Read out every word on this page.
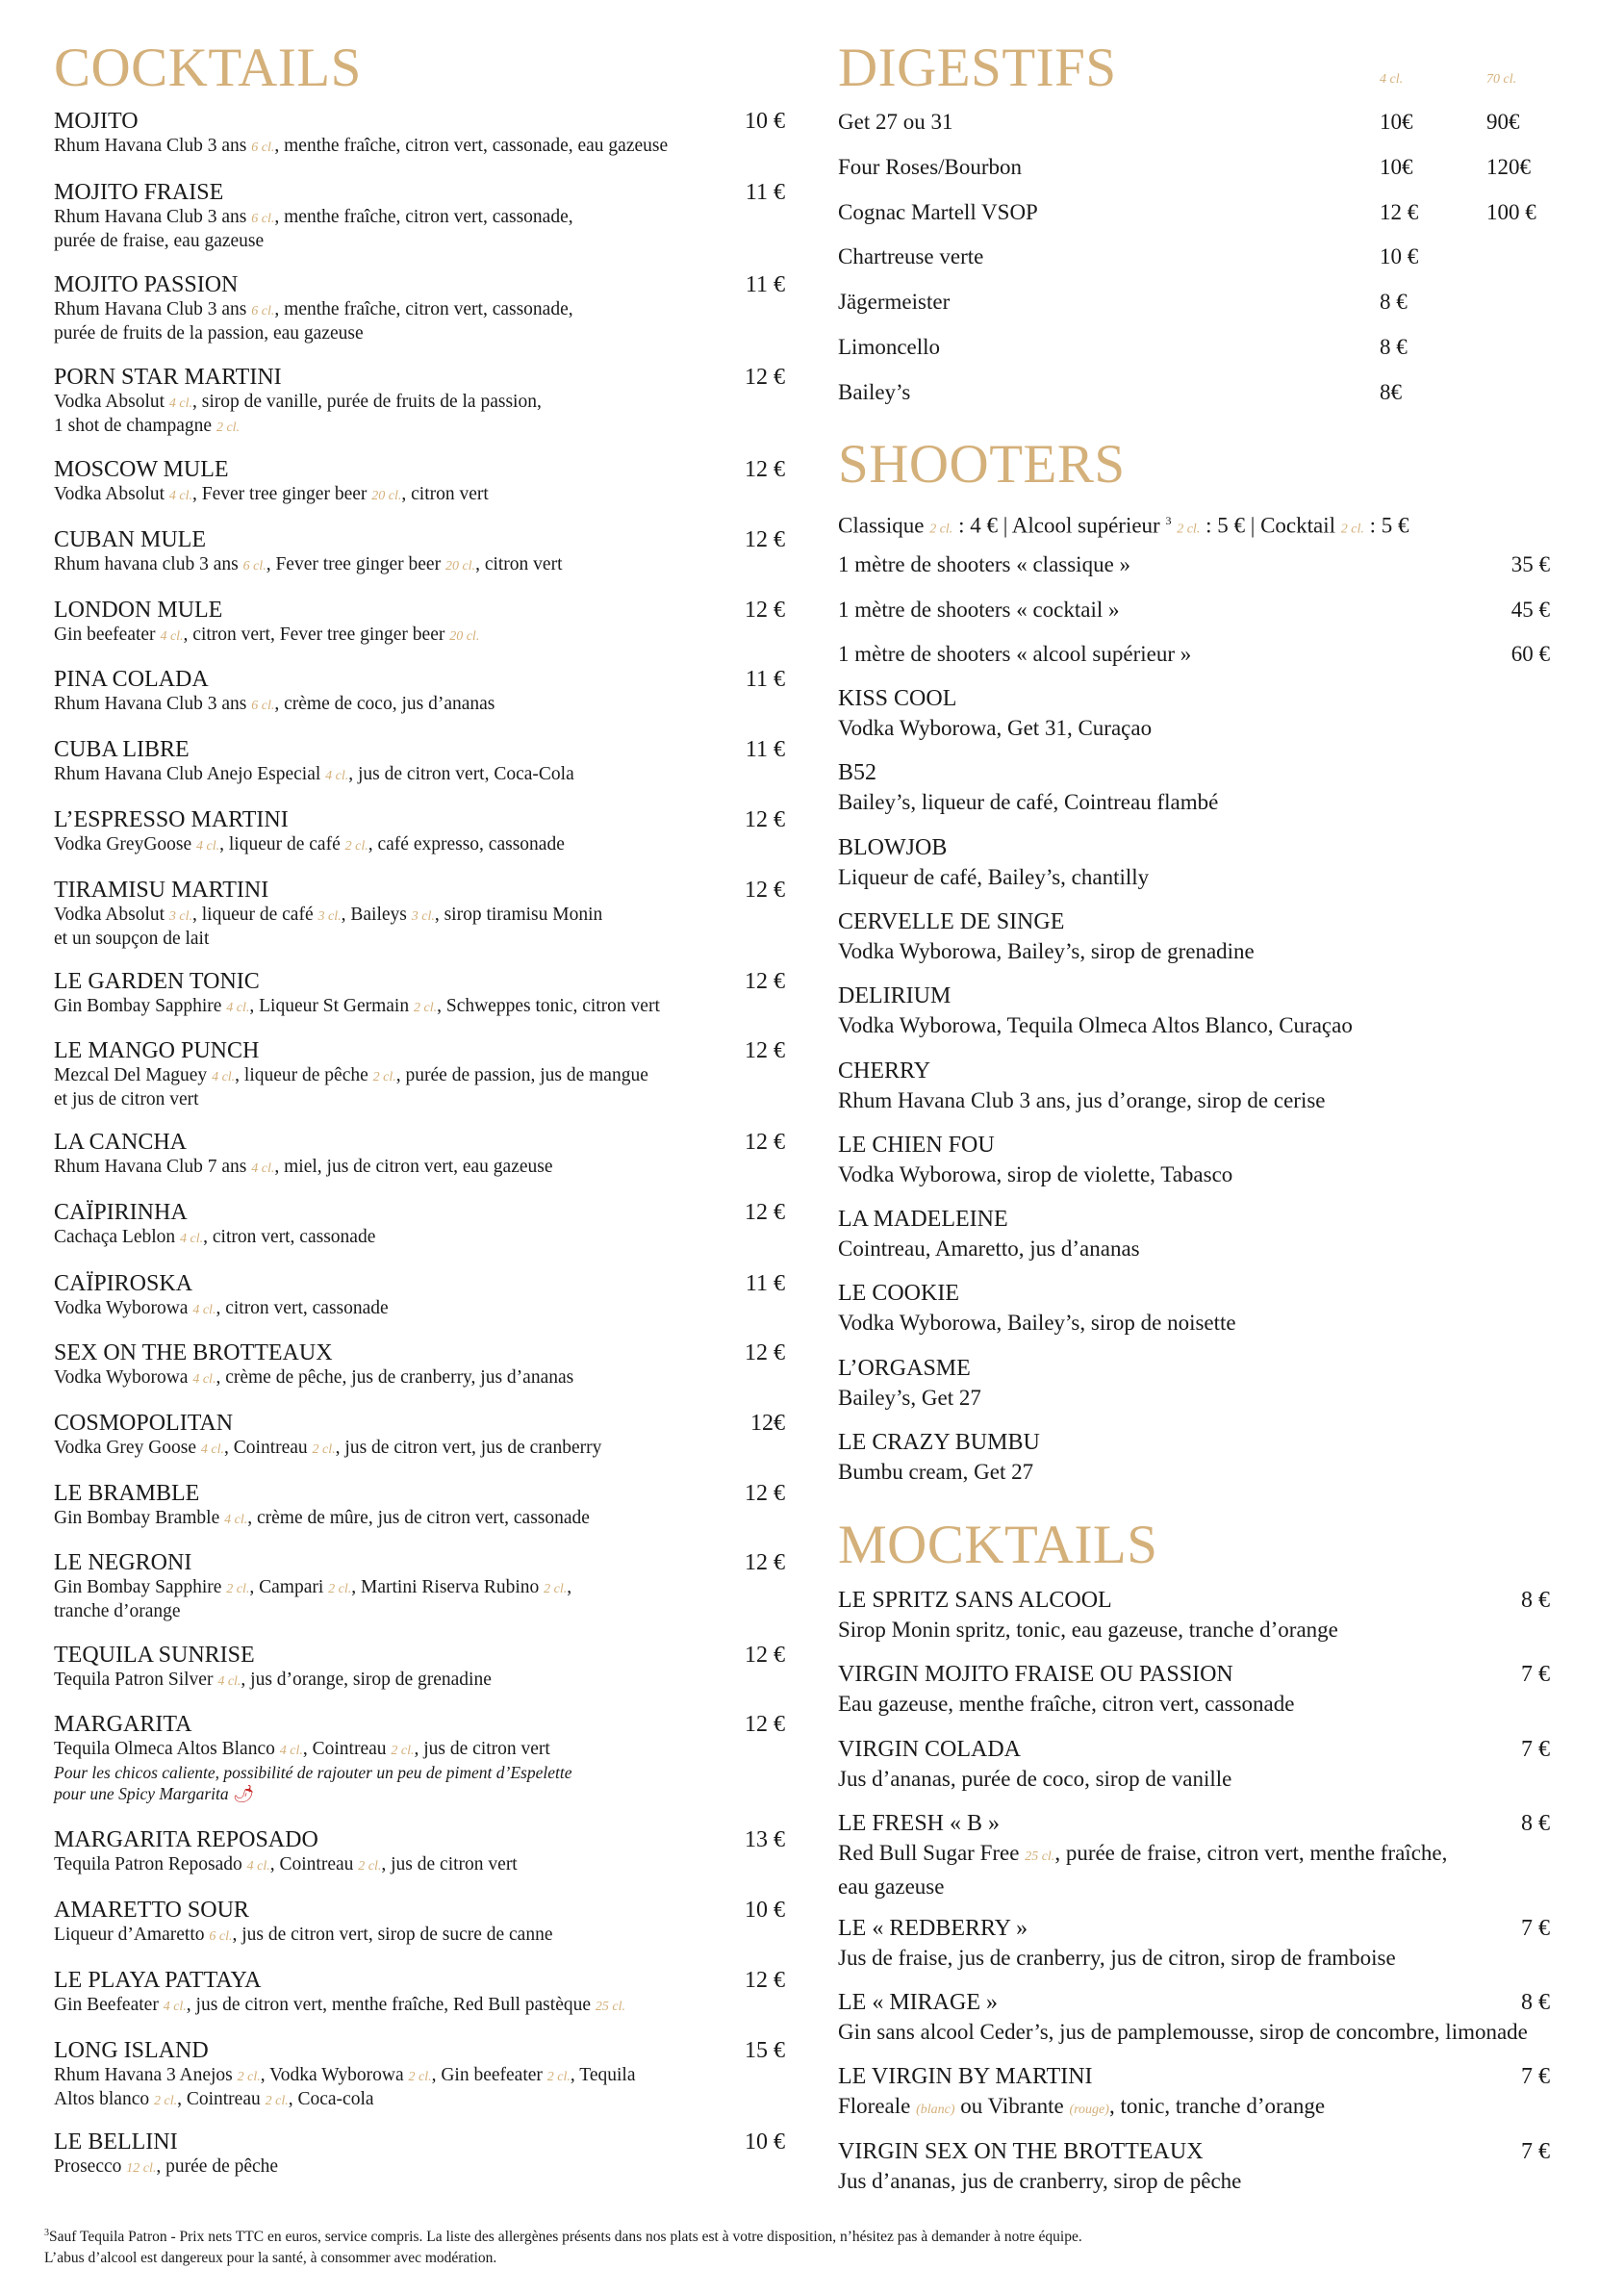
COCKTAILS
MOJITO	10 €
Rhum Havana Club 3 ans 6 cl., menthe fraîche, citron vert, cassonade, eau gazeuse
MOJITO FRAISE	11 €
Rhum Havana Club 3 ans 6 cl., menthe fraîche, citron vert, cassonade,
purée de fraise, eau gazeuse
MOJITO PASSION	11 €
Rhum Havana Club 3 ans 6 cl., menthe fraîche, citron vert, cassonade,
purée de fruits de la passion, eau gazeuse
PORN STAR MARTINI	12 €
Vodka Absolut 4 cl., sirop de vanille, purée de fruits de la passion,
1 shot de champagne 2 cl.
MOSCOW MULE	12 €
Vodka Absolut 4 cl., Fever tree ginger beer 20 cl., citron vert
CUBAN MULE	12 €
Rhum havana club 3 ans 6 cl., Fever tree ginger beer 20 cl., citron vert
LONDON MULE	12 €
Gin beefeater 4 cl., citron vert, Fever tree ginger beer 20 cl.
PINA COLADA	11 €
Rhum Havana Club 3 ans 6 cl., crème de coco, jus d’ananas
CUBA LIBRE	11 €
Rhum Havana Club Anejo Especial 4 cl., jus de citron vert, Coca-Cola
L’ESPRESSO MARTINI	12 €
Vodka GreyGoose 4 cl., liqueur de café 2 cl., café expresso, cassonade
TIRAMISU MARTINI	12 €
Vodka Absolut 3 cl., liqueur de café 3 cl., Baileys 3 cl., sirop tiramisu Monin
et un soupçon de lait
LE GARDEN TONIC	12 €
Gin Bombay Sapphire 4 cl., Liqueur St Germain 2 cl., Schweppes tonic, citron vert
LE MANGO PUNCH	12 €
Mezcal Del Maguey 4 cl., liqueur de pêche 2 cl., purée de passion, jus de mangue
et jus de citron vert
LA CANCHA	12 €
Rhum Havana Club 7 ans 4 cl., miel, jus de citron vert, eau gazeuse
CAÏPIRINHA	12 €
Cachaça Leblon 4 cl., citron vert, cassonade
CAÏPIROSKA	11 €
Vodka Wyborowa 4 cl., citron vert, cassonade
SEX ON THE BROTTEAUX	12 €
Vodka Wyborowa 4 cl., crème de pêche, jus de cranberry, jus d’ananas
COSMOPOLITAN	12€
Vodka Grey Goose 4 cl., Cointreau 2 cl., jus de citron vert, jus de cranberry
LE BRAMBLE	12 €
Gin Bombay Bramble 4 cl., crème de mûre, jus de citron vert, cassonade
LE NEGRONI	12 €
Gin Bombay Sapphire 2 cl., Campari 2 cl., Martini Riserva Rubino 2 cl.,
tranche d’orange
TEQUILA SUNRISE	12 €
Tequila Patron Silver 4 cl., jus d’orange, sirop de grenadine
MARGARITA	12 €
Tequila Olmeca Altos Blanco 4 cl., Cointreau 2 cl., jus de citron vert
Pour les chicos caliente, possibilité de rajouter un peu de piment d’Espelette
pour une Spicy Margarita 🌶
MARGARITA REPOSADO	13 €
Tequila Patron Reposado 4 cl., Cointreau 2 cl., jus de citron vert
AMARETTO SOUR	10 €
Liqueur d’Amaretto 6 cl., jus de citron vert, sirop de sucre de canne
LE PLAYA PATTAYA	12 €
Gin Beefeater 4 cl., jus de citron vert, menthe fraîche, Red Bull pastèque 25 cl.
LONG ISLAND	15 €
Rhum Havana 3 Anejos 2 cl., Vodka Wyborowa 2 cl., Gin beefeater 2 cl., Tequila
Altos blanco 2 cl., Cointreau 2 cl., Coca-cola
LE BELLINI	10 €
Prosecco 12 cl., purée de pêche
DIGESTIFS	4 cl.	70 cl.
Get 27 ou 31	10€	90€
Four Roses/Bourbon	10€	120€
Cognac Martell VSOP	12 €	100 €
Chartreuse verte	10 €
Jägermeister	8 €
Limoncello	8 €
Bailey’s	8€
SHOOTERS
Classique 2 cl. : 4 € | Alcool supérieur $^3$ 2 cl. : 5 € | Cocktail 2 cl. : 5 €
1 mètre de shooters « classique »	35 €
1 mètre de shooters « cocktail »	45 €
1 mètre de shooters « alcool supérieur »	60 €
KISS COOL
Vodka Wyborowa, Get 31, Curaçao
B52
Bailey’s, liqueur de café, Cointreau flambé
BLOWJOB
Liqueur de café, Bailey’s, chantilly
CERVELLE DE SINGE
Vodka Wyborowa, Bailey’s, sirop de grenadine
DELIRIUM
Vodka Wyborowa, Tequila Olmeca Altos Blanco, Curaçao
CHERRY
Rhum Havana Club 3 ans, jus d’orange, sirop de cerise
LE CHIEN FOU
Vodka Wyborowa, sirop de violette, Tabasco
LA MADELEINE
Cointreau, Amaretto, jus d’ananas
LE COOKIE
Vodka Wyborowa, Bailey’s, sirop de noisette
L’ORGASME
Bailey’s, Get 27
LE CRAZY BUMBU
Bumbu cream, Get 27
MOCKTAILS
LE SPRITZ SANS ALCOOL	8 €
Sirop Monin spritz, tonic, eau gazeuse, tranche d’orange
VIRGIN MOJITO FRAISE OU PASSION	7 €
Eau gazeuse, menthe fraîche, citron vert, cassonade
VIRGIN COLADA	7 €
Jus d’ananas, purée de coco, sirop de vanille
LE FRESH « B »	8 €
Red Bull Sugar Free 25 cl., purée de fraise, citron vert, menthe fraîche,
eau gazeuse
LE « REDBERRY »	7 €
Jus de fraise, jus de cranberry, jus de citron, sirop de framboise
LE « MIRAGE »	8 €
Gin sans alcool Ceder’s, jus de pamplemousse, sirop de concombre, limonade
LE VIRGIN BY MARTINI	7 €
Floreale (blanc) ou Vibrante (rouge), tonic, tranche d’orange
VIRGIN SEX ON THE BROTTEAUX	7 €
Jus d’ananas, jus de cranberry, sirop de pêche
$^3$Sauf Tequila Patron - Prix nets TTC en euros, service compris. La liste des allergènes présents dans nos plats est à votre disposition, n’hésitez pas à demander à notre équipe.
L’abus d’alcool est dangereux pour la santé, à consommer avec modération.
